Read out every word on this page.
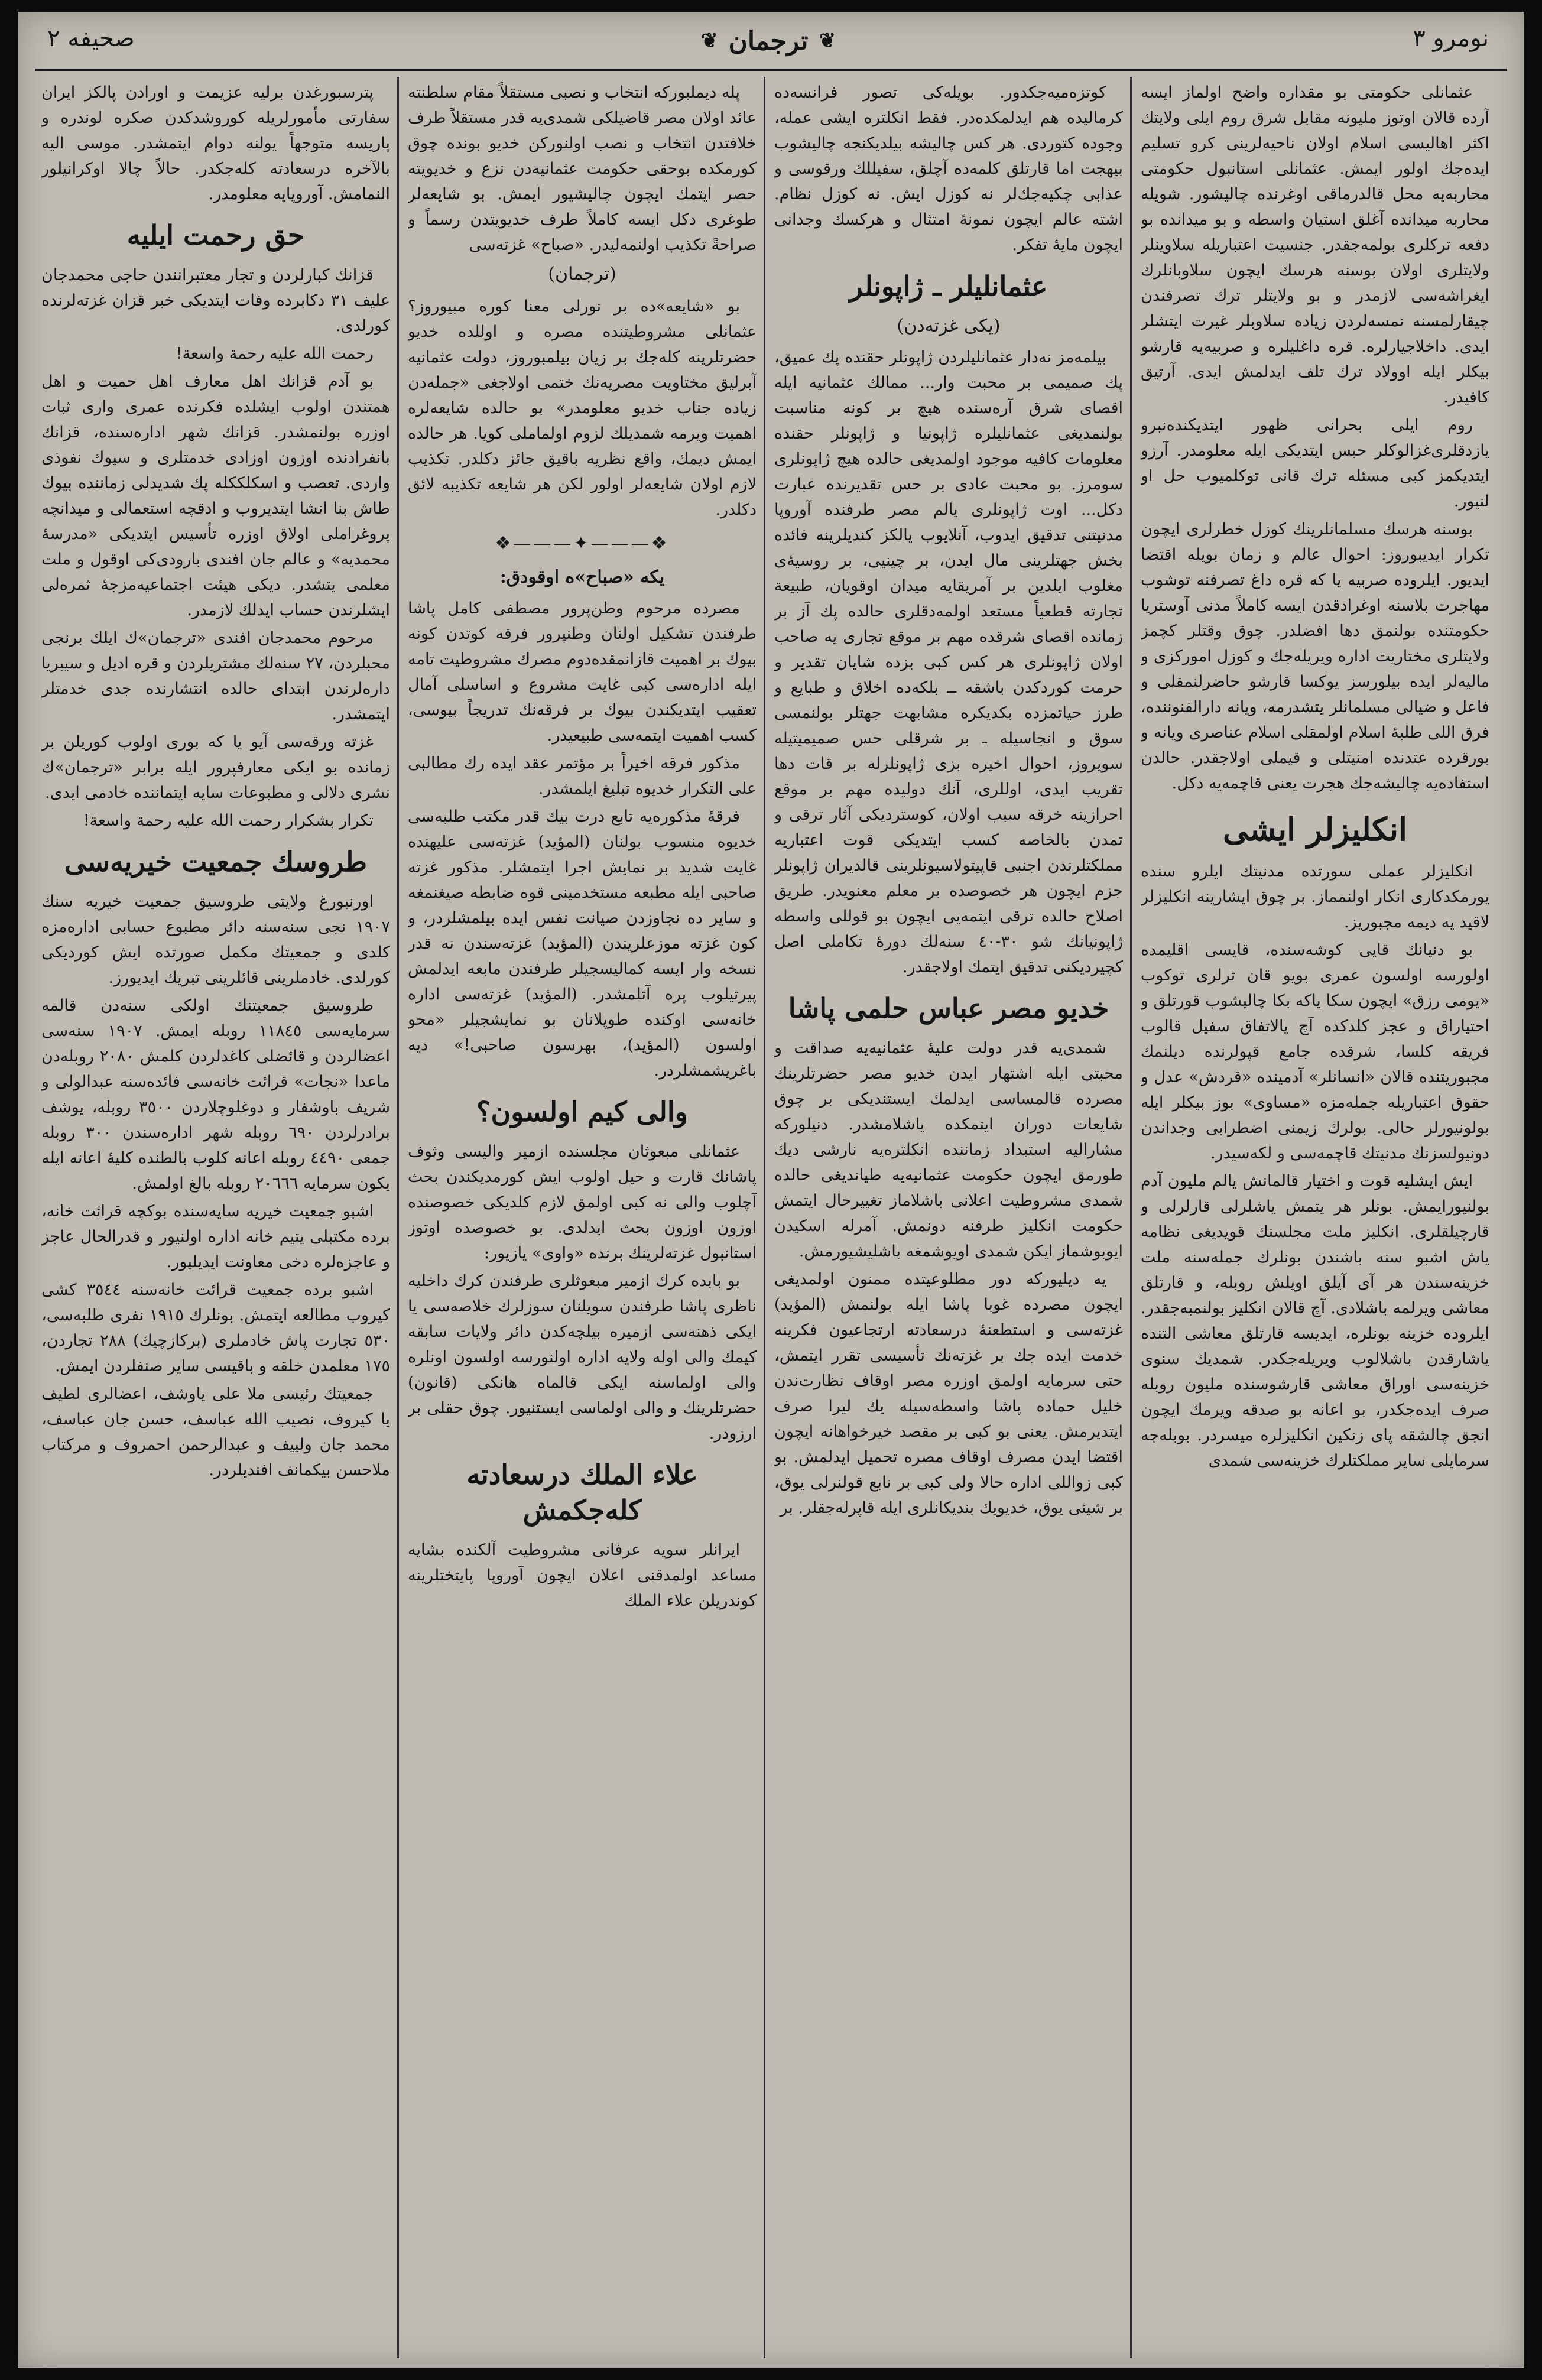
نومرو ٣
❦
ترجمان
❦
صحيفه ٢

عثمانلی حكومتی بو مقداره واضح اولماز ايسه آرده قالان اوتوز مليونه مقابل شرق روم ايلی ولايتك اكثر اهاليسی اسلام اولان ناحيه‌لرينی كرو تسليم ايده‌جك اولور ايمش. عثمانلی استانبول حكومتی محاربه‌يه محل قالدرماقی اوغرنده چاليشور. شويله محاربه ميدانده آغلق استيان واسطه و بو ميدانده بو دفعه تركلری بولمه‌جقدر. جنسيت اعتباريله سلاوينلر ولايتلری اولان بوسنه هرسك ايچون سلاوبانلرك ايغراشه‌سی لازمدر و بو ولايتلر ترك تصرفندن چيقارلمسنه نمسه‌لردن زياده سلاوبلر غيرت ايتشلر ايدی. داخلاجيارلره. قره داغليلره و صربيه‌يه قارشو بيكلر ايله اوولاد ترك تلف ايدلمش ايدی. آرتيق كافيدر.

روم ايلی بحرانی ظهور ايتديكنده‌نبرو يازدقلری‌غزالوكلر حبس ايتديكی ايله معلومدر. آرزو ايتديكمز كبی مسئله ترك قانی توكلميوب حل او لنيور.

بوسنه هرسك مسلمانلرينك كوزل خطرلری ايچون تكرار ايديبوروز: احوال عالم و زمان بويله اقتضا ايديور. ايلروده صربيه يا كه قره داغ تصرفنه توشوب مهاجرت بلاسنه اوغرادقدن ايسه كاملاً مدنی آوستريا حكومتنده بولنمق دها افضلدر. چوق وقتلر كچمز ولايتلری مختاريت اداره ويريله‌جك و كوزل اموركزی و ماليه‌لر ايده بيلورسز يوكسا قارشو حاضرلنمقلی و فاعل و ضيالی مسلمانلر يتشدرمه، ويانه دارالفنوننده، فرق اللی طلبهٔ اسلام اولمقلی اسلام عناصری ويانه و بورقرده عتدنده امنيتلی و قيملی اولاجقدر. حالدن استفاده‌يه چاليشه‌جك هجرت يعنی قاچمه‌يه دكل.

انكليزلر ايشی

انكليزلر عملی سورتده مدنيتك ايلرو سنده يورمكدكاری انكار اولنمماز. بر چوق ايشارينه انكليزلر لاقيد يه ديمه مجبوريز.

بو دنيانك قايی كوشه‌سنده، قايسی اقليمده اولورسه اولسون عمری بويو قان ترلری توكوب «يومی رزق» ايچون سكا ياكه بكا چاليشوب قورتلق و احتياراق و عجز كلدكده آچ يالاتفاق سفيل قالوب فريقه كلسا، شرقده جامع قپولرنده ديلنمك مجبوريتنده قالان «انسانلر» آدمينده «قردش» عدل و حقوق اعتباريله جمله‌مزه «مساوی» بوز بيكلر ايله بولونيورلر حالی. بولرك زيمنی اضطرابی وجداندن دونيولسزنك مدنيتك قاچمه‌سی و لكه‌سيدر.

ايش ايشليه قوت و اختيار قالمانش يالم مليون آدم بولنيورايمش. بونلر هر يتمش ياشلرلی قارلرلی و قارچيلقلری. انكليز ملت مجلسنك قويديغی نظامه ياش اشبو سنه باشندن بونلرك جمله‌سنه ملت خزينه‌سندن هر آی آيلق اويلش روبله، و قارتلق معاشی ويرلمه باشلادی. آچ قالان انكليز بولنمبه‌جقدر. ايلروده خزينه بونلره، ايديسه قارتلق معاشی التنده ياشارقدن باشلالوب ويريله‌جكدر. شمديك سنوی خزينه‌سی اوراق معاشی قارشوسنده مليون روبله صرف ايده‌جكدر، بو اعانه بو صدقه ويرمك ايچون انجق چالشقه‌ پای زنكين انكليزلره ميسردر. بوبله‌جه سرمايلی ساير مملكتلرك خزينه‌سی شمدی

كوتزه‌ميه‌جكدور. بويله‌كی تصور فرانسه‌ده كرماليده هم ايدلمكده‌در. فقط انكلتره ايشی عمله، وجوده كتوردی. هر كس چاليشه بيلديكنجه چاليشوب بيهجت اما قارتلق كلمه‌ده آچلق، سفيللك ورقوسی و عذابی چكيه‌جك‌لر نه كوزل ايش. نه كوزل نظام. اشته عالم ايچون نمونهٔ امتثال و هركسك وجدانی ايچون مايهٔ تفكر.

عثمانليلر ـ ژاپونلر
(يكی غزته‌دن)

بيلمه‌مز نه‌دار عثمانليلردن ژاپونلر حقنده پك عميق، پك صميمی بر محبت وار... ممالك عثمانيه ايله اقصای شرق آره‌سنده هيچ بر كونه مناسبت بولنمديغی عثمانليلره ژاپونيا و ژاپونلر حقنده معلومات كافيه موجود اولمديغی حالده هيچ ژاپونلری سومرز. بو محبت عادی بر حس تقديرنده عبارت دكل... اوت ژاپونلری يالم مصر طرفنده آوروپا مدنيتنی تدقيق ايدوب، آنلايوب يالكز كنديلرينه فائده بخش جهتلرينی مال ايدن، بر چينيی، بر روسيه‌ٔی مغلوب ايلدين بر آمريقايه ميدان اوقويان، طبيعة تجارته قطعياً مستعد اولمه‌دقلری حالده پك آز بر زمانده اقصای شرقده مهم بر موقع تجاری يه صاحب اولان ژاپونلری هر كس كبی بزده شايان تقدير و حرمت كوردكدن باشقه ــ بلكه‌ده اخلاق و طبايع و طرز حياتمزده بكديكره مشابهت جهتلر بولنمسی سوق و انجاسيله ـ بر شرقلی حس صميميتيله سويروز، احوال اخيره بزی ژاپونلرله بر قات دها تقريب ايدی، اوللری، آنك دوليده مهم بر موقع احرازينه خرقه سبب اولان، كوسترديكی آثار ترقی و تمدن بالخاصه كسب ايتديكی قوت اعتباريه مملكتلرندن اجنبی قاپيتولاسيو‌نلرينی قالديران ژاپونلر جزم ايچون هر خصوصده بر معلم معنويدر. طريق اصلاح حالده ترقی ايتمه‌يی ايچون بو قوللی واسطه ژاپونيانك شو ٣٠-٤٠ سنه‌لك دوره‌ٔ تكاملی اصل كچيرديكنی تدقيق ايتمك اولاجقدر.

خديو مصر عباس حلمی پاشا

شمدی‌يه قدر دولت عليهٔ عثمانيه‌يه صداقت و محبتی ايله اشتهار ايدن خديو مصر حضرتلرينك مصرده قالمساسی ايدلمك ايستنديكی بر چوق شايعات دوران ايتمكده ياشلامشدر. دنيلوركه مشاراليه استبداد زماننده انكلتره‌يه نارشی ديك طورمق ايچون حكومت عثمانيه‌يه طيانديغی حالده شمدی مشروطيت اعلانی باشلاماز تغييرحال ايتمش حكومت انكليز طرفنه دونمش. آمرله اسكيدن ايوبوشماز ايكن شمدی اويوشمغه باشليشيورمش.

يه ديليوركه دور مطلوعيتده ممنون اولمديغی ايچون مصرده غوبا پاشا ايله بولنمش (المؤيد) غزته‌سی و استطعنه‌ٔ درسعادته ارتجاعيون فكرينه خدمت ايده جك بر غزته‌نك تأسيسی تقرر ايتمش، حتی سرمايه اولمق اوزره مصر اوقاف نظارت‌ندن خليل حماده پاشا واسطه‌سيله يك ليرا صرف ايتديرمش. يعنی بو كبی بر مقصد خيرخواهانه ايچون اقتضا ايدن مصرف اوقاف مصره تحميل ايدلمش. بو كبی زواللی اداره حالا ولی كبی بر نابع قولنرلی يوق، بر شيئی يوق، خديويك بنديكانلری ايله قاپرله‌جقلر. بر

پله ديملبوركه انتخاب و نصبی مستقلاً مقام سلطنته عائد اولان مصر قاضيلكی شمدی‌يه قدر مستقلاً طرف خلافتدن انتخاب و نصب اولنوركن خديو بونده چوق كورمكده بوحقی حكومت عثمانيه‌دن نزع و خديويته حصر ايتمك ايچون چاليشيور ايمش. بو شايعه‌لر طوغری دكل ايسه كاملاً طرف خديويتدن رسماً و صراحةً تكذيب اولنمه‌ليدر. «صباح» غزته‌سی

(ترجمان)

بو «شايعه»ده بر تورلی معنا كوره مبيوروز؟ عثمانلی مشروطيتنده مصره و اوللده خديو حضرتلرينه كله‌جك بر زيان بيلمبوروز، دولت عثمانيه آبرليق مختاويت مصريه‌نك ختمی اولاجغی «جمله‌دن زياده جناب خديو معلومدر» بو حالده شايعه‌لره اهميت ويرمه شمديلك لزوم اولماملی كويا. هر حالده ايمش ديمك، واقع نظريه باقيق جائز دكلدر. تكذيب لازم اولان شايعه‌لر اولور لكن هر شايعه تكذيبه لائق دكلدر.

❖———✦———❖
يكه «صباح»ه اوقودق:

مصرده مرحوم وطن‌پرور مصطفی كامل پاشا طرفندن تشكيل اولنان وطنپرور فرقه كوتدن كونه بيوك بر اهميت قازانمقده‌دوم مصرك مشروطيت تامه ايله اداره‌سی كبی غايت مشروع و اساسلی آمال تعقيب ايتديكندن بيوك بر فرقه‌نك تدريجاً بيوسی، كسب اهميت ايتمه‌سی طبيعيدر.

مذكور فرقه اخيراً بر مؤتمر عقد ايده رك مطالبی علی التكرار خديوه تبليغ ايلمشدر.

فرقهٔ مذكوره‌يه تابع درت بيك قدر مكتب طلبه‌سی خديوه منسوب بولنان (المؤيد) غزته‌سی عليهنده غايت شديد بر نمايش اجرا ايتمشلر. مذكور غزته صاحبی ايله مطبعه مستخدمينی قوه ضابطه صيغنمغه و ساير ده نجاوزدن صيانت نفس ايده بيلمشلردر، و كون غزته موزعلريندن (المؤيد) غزته‌سندن نه قدر نسخه وار ايسه كماليسجيلر طرفندن مابعه ايدلمش پيرتيلوب پره آتلمشدر. (المؤيد) غزته‌سی اداره خانه‌سی اوكنده طوپلانان بو نمايشجيلر «محو اولسون (المؤيد)، بهرسون صاحبی!» ديه باغريشمشلردر.

والی كيم اولسون؟

عثمانلی مبعوثان مجلسنده ازمير واليسی وثوف پاشانك قارت و حيل اولوب ايش كورمديكندن بحث آچلوب والی نه كبی اولمق لازم كلديكی خصوصنده اوزون اوزون بحث ايدلدی. بو خصوصده اوتوز استانبول غزته‌لرينك برنده «واوی» يازيور:

بو بابده كرك ازمير مبعوثلری طرفندن كرك داخليه ناظری پاشا طرفندن سويلنان سوزلرك خلاصه‌سی يا ايكی ذهنه‌سی ازميره بيلچه‌كدن دائر ولايات سابقه كيمك والی اوله ولايه اداره اولنورسه اولسون اونلره والی اولماسنه ايكی قالماه هانكی (قانون) حضرتلرينك و والی اولماسی ايستنيور. چوق حقلی بر ارزودر.

علاء الملك درسعادته كله‌جكمش

ايرانلر سويه عرفانی مشروطيت آلكنده بشايه مساعد اولمدقنی اعلان ايچون آوروپا پايتختلرينه كوندريلن علاء الملك

پترسبورغدن برليه عزيمت و اورادن پالكز ايران سفارتی مأمورلريله كوروشدكدن صكره لوندره و پاريسه متوجهاً يولنه دوام ايتمشدر. موسى اليه بالآخره درسعادته كله‌جكدر. حالاً چالا اوكرانيلور النمامش. آوروپايه معلومدر.

حق رحمت ايليه

قزانك كبارلردن و تجار معتبرانندن حاجی محمدجان عليف ٣١ دكابرده وفات ايتديكی خبر قزان غزته‌لرنده كورلدی.

رحمت الله عليه رحمة واسعة!

بو آدم قزانك اهل معارف اهل حميت و اهل همتندن اولوب ايشلده فكرنده عمری وارى ثبات اوزره بولنمشدر. قزانك شهر اداره‌سنده، قزانك بانفرادنده اوزون اوزادی خدمتلری و سيوك نفوذی واردی. تعصب و اسكلككله پك شديدلی زماننده بيوك طاش بنا انشا ايتديروب و ادقچه استعمالی و ميدانچه پروغراملی اولاق اوزره تأسيس ايتديكی «مدرسهٔ محمديه» و عالم جان افندی بارودی‌كی اوقول و ملت معلمی يتشدر. ديكی هيئت اجتماعيه‌مزجه‌ٔ ثمره‌لی ايشلرندن حساب ايدلك لازمدر.

مرحوم محمدجان افندی «ترجمان»ك ايلك برنجی محبلردن، ٢٧ سنه‌لك مشتريلردن و قره اديل و سيبريا داره‌لرندن ابتدای حالده انتشارنده جدی خدمتلر ايتمشدر.

غزته ورقه‌سی آيو يا كه بوری اولوب كوريلن بر زمانده بو ايكی معارفپرور ايله برابر «ترجمان»ك نشری دلالی و مطبوعات سايه ايتماننده خادمی ايدی.

تكرار بشكرار رحمت الله عليه رحمة واسعة!

طروسك جمعيت خيريه‌سی

اورنبورغ ولايتی طروسيق جمعيت خيريه سنك ١٩٠٧ نجی سنه‌سنه دائر مطبوع حسابی اداره‌مزه كلدی و جمعيتك مكمل صورتده ايش كورديكی كورلدی. خادملرينی قائلرينی تبريك ايديورز.

طروسيق جمعيتنك اولكی سنه‌دن قالمه سرمايه‌سی ١١٨٤٥ روبله ايمش. ١٩٠٧ سنه‌سی اعضالردن و قائضلی كاغدلردن كلمش ٢٠٨٠ روبله‌دن ماعدا «نجات» قرائت خانه‌سی فائده‌سنه عبدالولی و شريف باوشفار و دوغلوچلاردن ٣٥٠٠ روبله، يوشف برادرلردن ٦٩٠ روبله شهر اداره‌سندن ٣٠٠ روبله جمعی ٤٤٩٠ روبله اعانه كلوب بالطنده كليه‌ٔ اعانه ايله يكون سرمايه ٢٠٦٦٦ روبله بالغ اولمش.

اشبو جمعيت خيريه سايه‌سنده بوكچه قرائت خانه، برده مكتبلی يتيم خانه اداره اولنيور و قدرالحال عاجز و عاجزه‌لره دخی معاونت ايديليور.

اشبو برده جمعيت قرائت خانه‌سنه ٣٥٤٤ كشی كيروب مطالعه ايتمش. بونلرك ١٩١٥ نفری طلبه‌سی، ٥٣٠ تجارت پاش خادملری (بركازچيك) ٢٨٨ تجاردن، ١٧٥ معلمدن خلقه و باقيسی ساير صنفلردن ايمش.

جمعيتك رئيسی ملا علی ياوشف، اعضالری لطيف يا كيروف، نصيب الله عباسف، حسن جان عباسف، محمد جان ولييف و عبدالرحمن احمروف و مركتاب ملاحسن بيكمانف افنديلردر.
